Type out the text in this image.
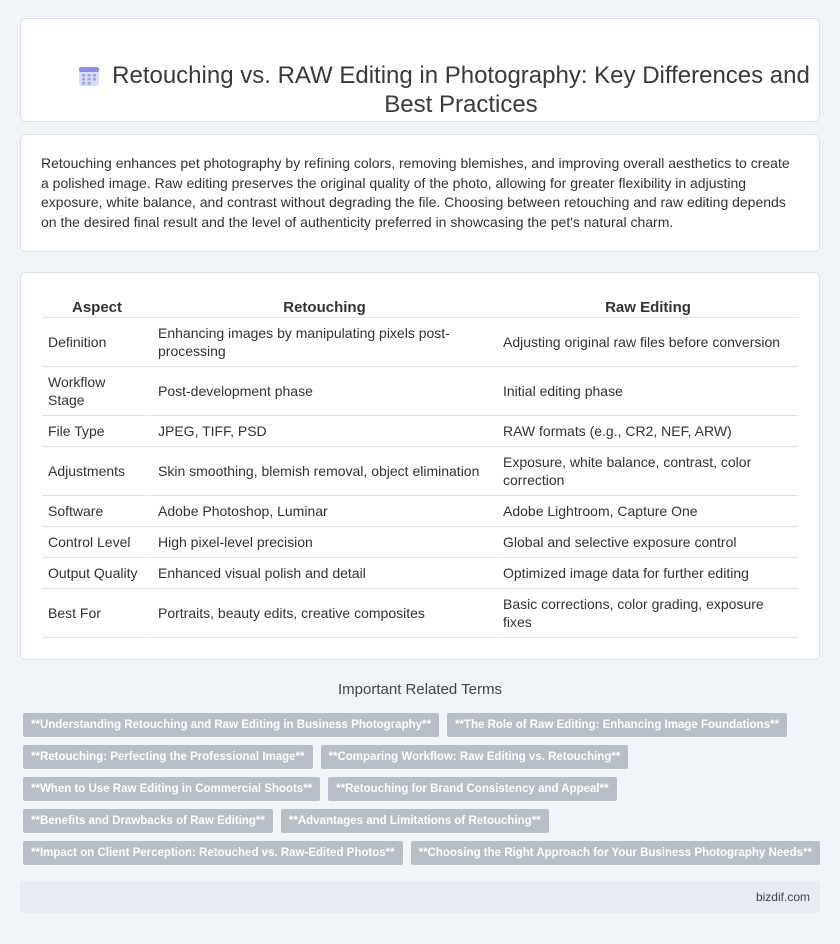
Retouching vs. RAW Editing in Photography: Key Differences and Best Practices

Retouching enhances pet photography by refining colors, removing blemishes, and improving overall aesthetics to create a polished image. Raw editing preserves the original quality of the photo, allowing for greater flexibility in adjusting exposure, white balance, and contrast without degrading the file. Choosing between retouching and raw editing depends on the desired final result and the level of authenticity preferred in showcasing the pet's natural charm.

Aspect	Retouching	Raw Editing
Definition	Enhancing images by manipulating pixels post-processing	Adjusting original raw files before conversion
Workflow Stage	Post-development phase	Initial editing phase
File Type	JPEG, TIFF, PSD	RAW formats (e.g., CR2, NEF, ARW)
Adjustments	Skin smoothing, blemish removal, object elimination	Exposure, white balance, contrast, color correction
Software	Adobe Photoshop, Luminar	Adobe Lightroom, Capture One
Control Level	High pixel-level precision	Global and selective exposure control
Output Quality	Enhanced visual polish and detail	Optimized image data for further editing
Best For	Portraits, beauty edits, creative composites	Basic corrections, color grading, exposure fixes
Important Related Terms
**Understanding Retouching and Raw Editing in Business Photography**	**The Role of Raw Editing: Enhancing Image Foundations**
**Retouching: Perfecting the Professional Image**	**Comparing Workflow: Raw Editing vs. Retouching**
**When to Use Raw Editing in Commercial Shoots**	**Retouching for Brand Consistency and Appeal**
**Benefits and Drawbacks of Raw Editing**	**Advantages and Limitations of Retouching**
**Impact on Client Perception: Retouched vs. Raw-Edited Photos**	**Choosing the Right Approach for Your Business Photography Needs**
bizdif.com
